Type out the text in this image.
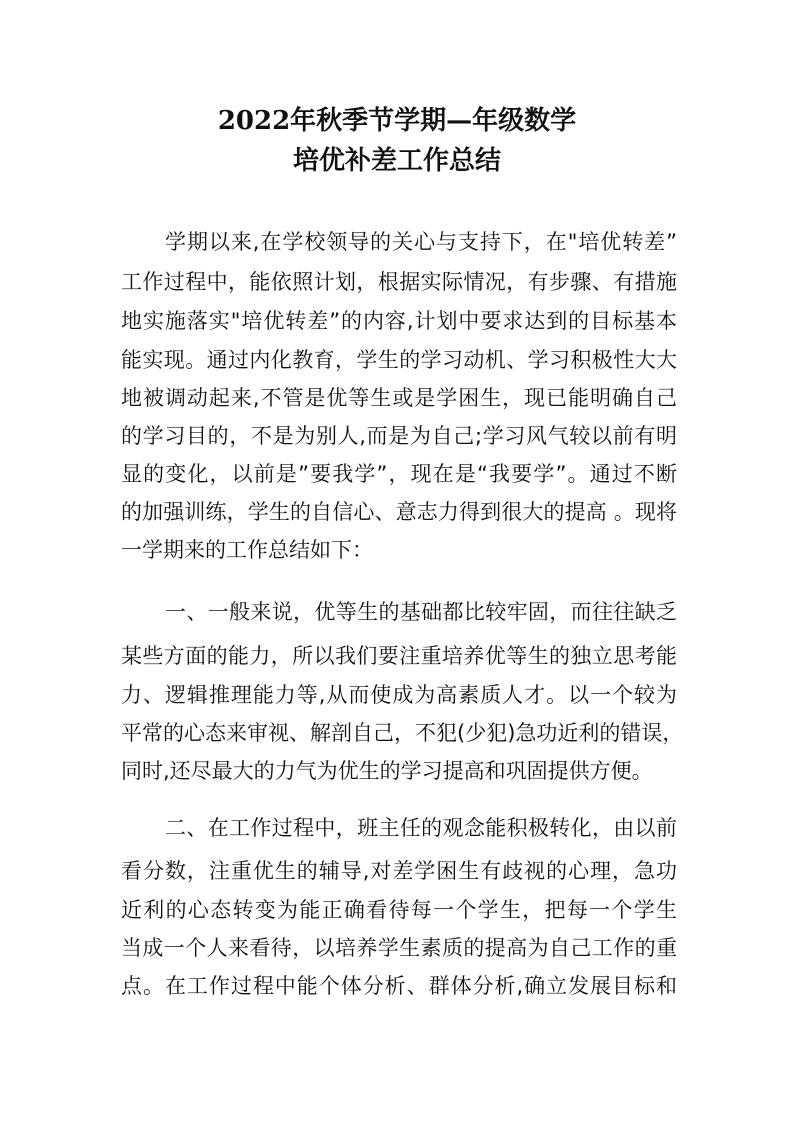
2022年秋季节学期—年级数学
培优补差工作总结
学期以来,在学校领导的关心与支持下，在"培优转差”
工作过程中，能依照计划，根据实际情况，有步骤、有措施
地实施落实"培优转差”的内容,计划中要求达到的目标基本
能实现。通过内化教育，学生的学习动机、学习积极性大大
地被调动起来,不管是优等生或是学困生，现已能明确自己
的学习目的，不是为别人,而是为自己;学习风气较以前有明
显的变化，以前是”要我学”，现在是“我要学”。通过不断
的加强训练，学生的自信心、意志力得到很大的提高 。现将
一学期来的工作总结如下：
一、一般来说，优等生的基础都比较牢固，而往往缺乏
某些方面的能力，所以我们要注重培养优等生的独立思考能
力、逻辑推理能力等,从而使成为高素质人才。以一个较为
平常的心态来审视、解剖自己，不犯(少犯)急功近利的错误，
同时,还尽最大的力气为优生的学习提高和巩固提供方便。
二、在工作过程中，班主任的观念能积极转化，由以前
看分数，注重优生的辅导,对差学困生有歧视的心理，急功
近利的心态转变为能正确看待每一个学生，把每一个学生
当成一个人来看待，以培养学生素质的提高为自己工作的重
点。在工作过程中能个体分析、群体分析,确立发展目标和
